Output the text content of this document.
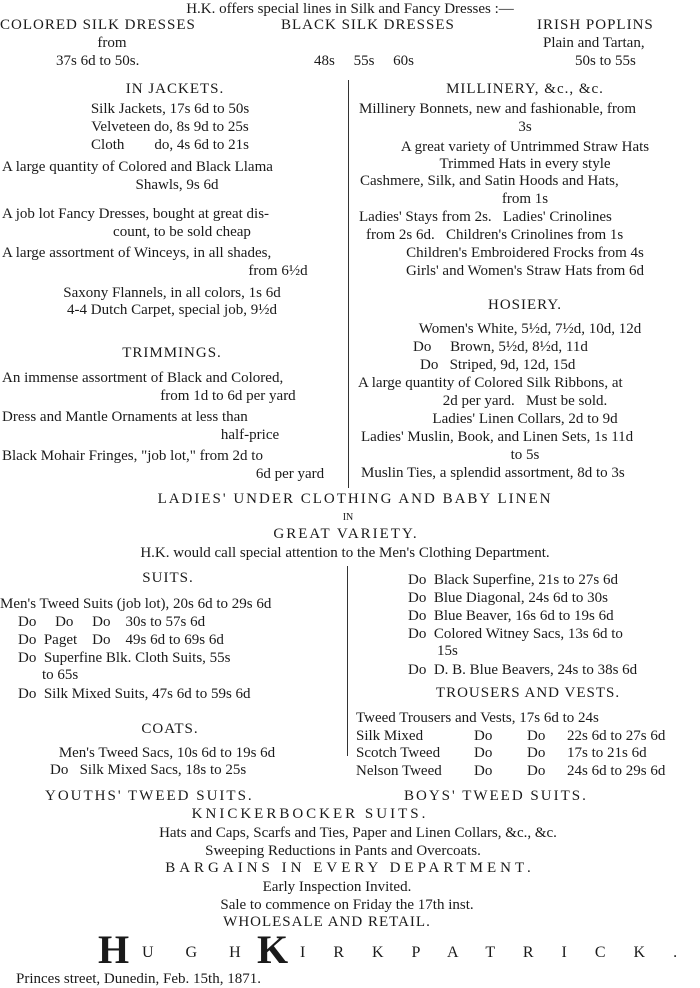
H.K. offers special lines in Silk and Fancy Dresses :—
COLORED SILK DRESSES
from
37s 6d to 50s.
BLACK SILK DRESSES
48s     55s     60s
IRISH POPLINS
Plain and Tartan,
50s to 55s
IN JACKETS.
Silk Jackets, 17s 6d to 50s
Velveteen do, 8s 9d to 25s
Cloth        do, 4s 6d to 21s
A large quantity of Colored and Black Llama
Shawls, 9s 6d
A job lot Fancy Dresses, bought at great dis-
count, to be sold cheap
A large assortment of Winceys, in all shades,
from 6½d
Saxony Flannels, in all colors, 1s 6d
4-4 Dutch Carpet, special job, 9½d
TRIMMINGS.
An immense assortment of Black and Colored,
from 1d to 6d per yard
Dress and Mantle Ornaments at less than
half-price
Black Mohair Fringes, "job lot," from 2d to
6d per yard
MILLINERY, &c., &c.
Millinery Bonnets, new and fashionable, from
3s
A great variety of Untrimmed Straw Hats
Trimmed Hats in every style
Cashmere, Silk, and Satin Hoods and Hats,
from 1s
Ladies' Stays from 2s.   Ladies' Crinolines
from 2s 6d.   Children's Crinolines from 1s
Children's Embroidered Frocks from 4s
Girls' and Women's Straw Hats from 6d
HOSIERY.
Women's White, 5½d, 7½d, 10d, 12d
Do     Brown, 5½d, 8½d, 11d
Do   Striped, 9d, 12d, 15d
A large quantity of Colored Silk Ribbons, at
2d per yard.   Must be sold.
Ladies' Linen Collars, 2d to 9d
Ladies' Muslin, Book, and Linen Sets, 1s 11d
to 5s
Muslin Ties, a splendid assortment, 8d to 3s
LADIES' UNDER CLOTHING AND BABY LINEN
IN
GREAT VARIETY.
H.K. would call special attention to the Men's Clothing Department.
SUITS.
Men's Tweed Suits (job lot), 20s 6d to 29s 6d
Do     Do     Do    30s to 57s 6d
Do  Paget    Do    49s 6d to 69s 6d
Do  Superfine Blk. Cloth Suits, 55s
to 65s
Do  Silk Mixed Suits, 47s 6d to 59s 6d
COATS.
Men's Tweed Sacs, 10s 6d to 19s 6d
Do   Silk Mixed Sacs, 18s to 25s
Do  Black Superfine, 21s to 27s 6d
Do  Blue Diagonal, 24s 6d to 30s
Do  Blue Beaver, 16s 6d to 19s 6d
Do  Colored Witney Sacs, 13s 6d to
15s
Do  D. B. Blue Beavers, 24s to 38s 6d
TROUSERS AND VESTS.
Tweed Trousers and Vests, 17s 6d to 24s
Silk Mixed	Do Do 22s 6d to 27s 6d
Scotch Tweed Do Do 17s to 21s 6d
Nelson Tweed Do Do 24s 6d to 29s 6d
YOUTHS' TWEED SUITS.	BOYS' TWEED SUITS.
KNICKERBOCKER SUITS.
Hats and Caps, Scarfs and Ties, Paper and Linen Collars, &c., &c.
Sweeping Reductions in Pants and Overcoats.
BARGAINS IN EVERY DEPARTMENT.
Early Inspection Invited.
Sale to commence on Friday the 17th inst.
WHOLESALE AND RETAIL.
H U G H K I R K P A T R I C K .
Princes street, Dunedin, Feb. 15th, 1871.
